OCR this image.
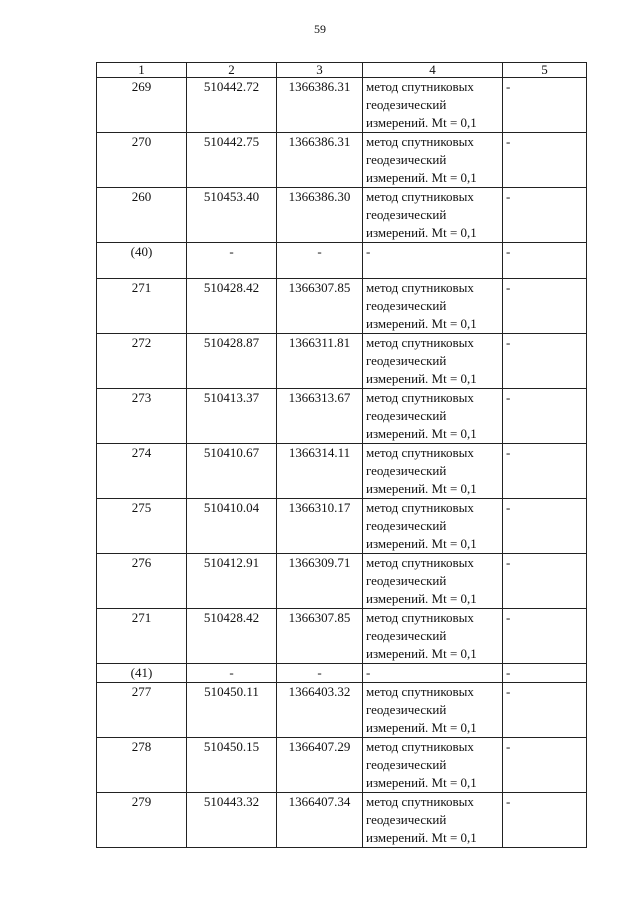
59
1	2	3	4	5
269	510442.72	1366386.31	метод спутниковых
геодезический
измерений. Mt = 0,1	-
270	510442.75	1366386.31	метод спутниковых
геодезический
измерений. Mt = 0,1	-
260	510453.40	1366386.30	метод спутниковых
геодезический
измерений. Mt = 0,1	-
(40)	-	-	-	-
271	510428.42	1366307.85	метод спутниковых
геодезический
измерений. Mt = 0,1	-
272	510428.87	1366311.81	метод спутниковых
геодезический
измерений. Mt = 0,1	-
273	510413.37	1366313.67	метод спутниковых
геодезический
измерений. Mt = 0,1	-
274	510410.67	1366314.11	метод спутниковых
геодезический
измерений. Mt = 0,1	-
275	510410.04	1366310.17	метод спутниковых
геодезический
измерений. Mt = 0,1	-
276	510412.91	1366309.71	метод спутниковых
геодезический
измерений. Mt = 0,1	-
271	510428.42	1366307.85	метод спутниковых
геодезический
измерений. Mt = 0,1	-
(41)	-	-	-	-
277	510450.11	1366403.32	метод спутниковых
геодезический
измерений. Mt = 0,1	-
278	510450.15	1366407.29	метод спутниковых
геодезический
измерений. Mt = 0,1	-
279	510443.32	1366407.34	метод спутниковых
геодезический
измерений. Mt = 0,1	-
